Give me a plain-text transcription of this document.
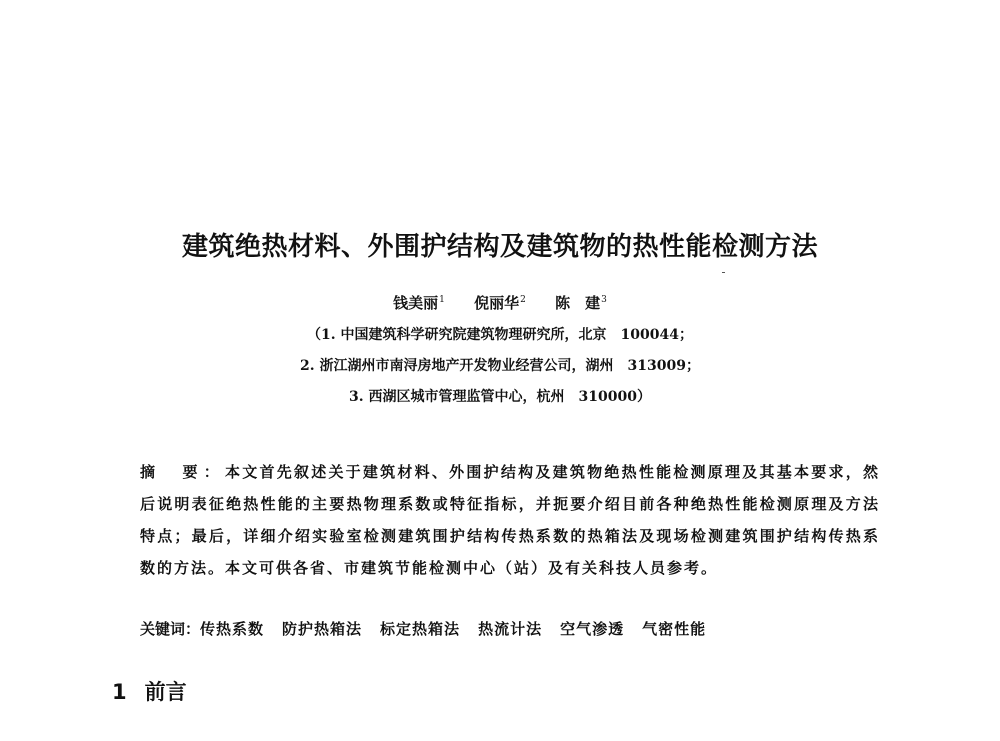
建筑绝热材料、外围护结构及建筑物的热性能检测方法
钱美丽$^1$ 倪丽华$^2$ 陈　建$^3$
（1. 中国建筑科学研究院建筑物理研究所，北京　100044；
2. 浙江湖州市南浔房地产开发物业经营公司，湖州　313009；
3. 西湖区城市管理监管中心，杭州　310000）
摘　要：本文首先叙述关于建筑材料、外围护结构及建筑物绝热性能检测原理及其基本要求，然后说明表征绝热性能的主要热物理系数或特征指标，并扼要介绍目前各种绝热性能检测原理及方法特点；最后，详细介绍实验室检测建筑围护结构传热系数的热箱法及现场检测建筑围护结构传热系数的方法。本文可供各省、市建筑节能检测中心（站）及有关科技人员参考。
关键词：传热系数 防护热箱法 标定热箱法 热流计法 空气渗透 气密性能
1 前言
